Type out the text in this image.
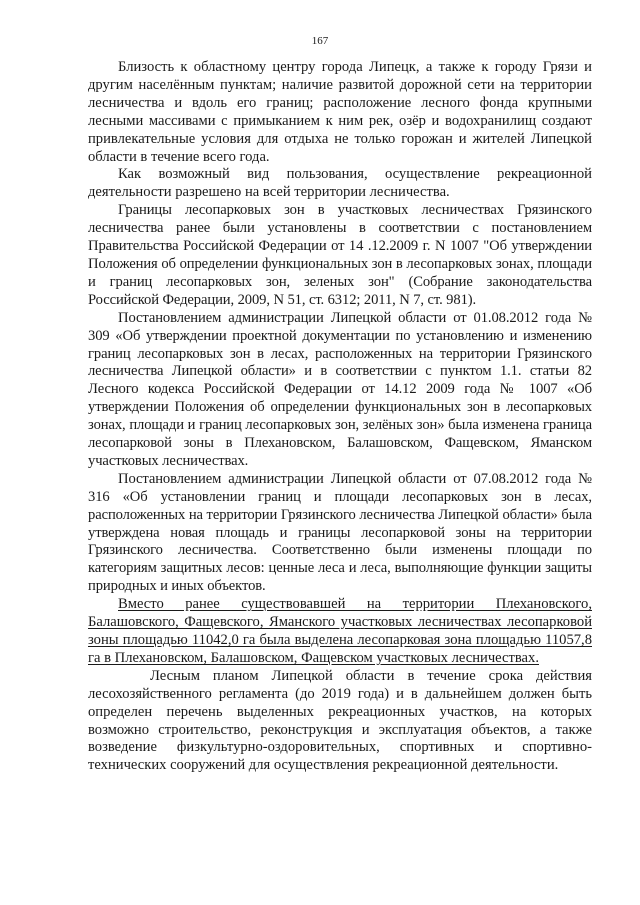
167

Близость к областному центру города Липецк, а также к городу Грязи и другим населённым пунктам; наличие развитой дорожной сети на территории лесничества и вдоль его границ; расположение лесного фонда крупными лесными массивами с примыканием к ним рек, озёр и водохранилищ создают привлекательные условия для отдыха не только горожан и жителей Липецкой области в течение всего года.

Как возможный вид пользования, осуществление рекреационной деятельности разрешено на всей территории лесничества.

Границы лесопарковых зон в участковых лесничествах Грязинского лесничества ранее были установлены в соответствии с постановлением Правительства Российской Федерации от 14 .12.2009 г. N 1007 "Об утверждении Положения об определении функциональных зон в лесопарковых зонах, площади и границ лесопарковых зон, зеленых зон" (Собрание законодательства Российской Федерации, 2009, N 51, ст. 6312; 2011, N 7, ст. 981).

Постановлением администрации Липецкой области от 01.08.2012 года № 309 «Об утверждении проектной документации по установлению и изменению границ лесопарковых зон в лесах, расположенных на территории Грязинского лесничества Липецкой области» и в соответствии с пунктом 1.1. статьи 82 Лесного кодекса Российской Федерации от 14.12 2009 года № 1007 «Об утверждении Положения об определении функциональных зон в лесопарковых зонах, площади и границ лесопарковых зон, зелёных зон» была изменена граница лесопарковой зоны в Плехановском, Балашовском, Фащевском, Яманском участковых лесничествах.

Постановлением администрации Липецкой области от 07.08.2012 года № 316 «Об установлении границ и площади лесопарковых зон в лесах, расположенных на территории Грязинского лесничества Липецкой области» была утверждена новая площадь и границы лесопарковой зоны на территории Грязинского лесничества. Соответственно были изменены площади по категориям защитных лесов: ценные леса и леса, выполняющие функции защиты природных и иных объектов.

Вместо ранее существовавшей на территории Плехановского, Балашовского, Фащевского, Яманского участковых лесничествах лесопарковой зоны площадью 11042,0 га была выделена лесопарковая зона площадью 11057,8 га в Плехановском, Балашовском, Фащевском участковых лесничествах.

Лесным планом Липецкой области в течение срока действия лесохозяйственного регламента (до 2019 года) и в дальнейшем должен быть определен перечень выделенных рекреационных участков, на которых возможно строительство, реконструкция и эксплуатация объектов, а также возведение физкультурно-оздоровительных, спортивных и спортивно-технических сооружений для осуществления рекреационной деятельности.
